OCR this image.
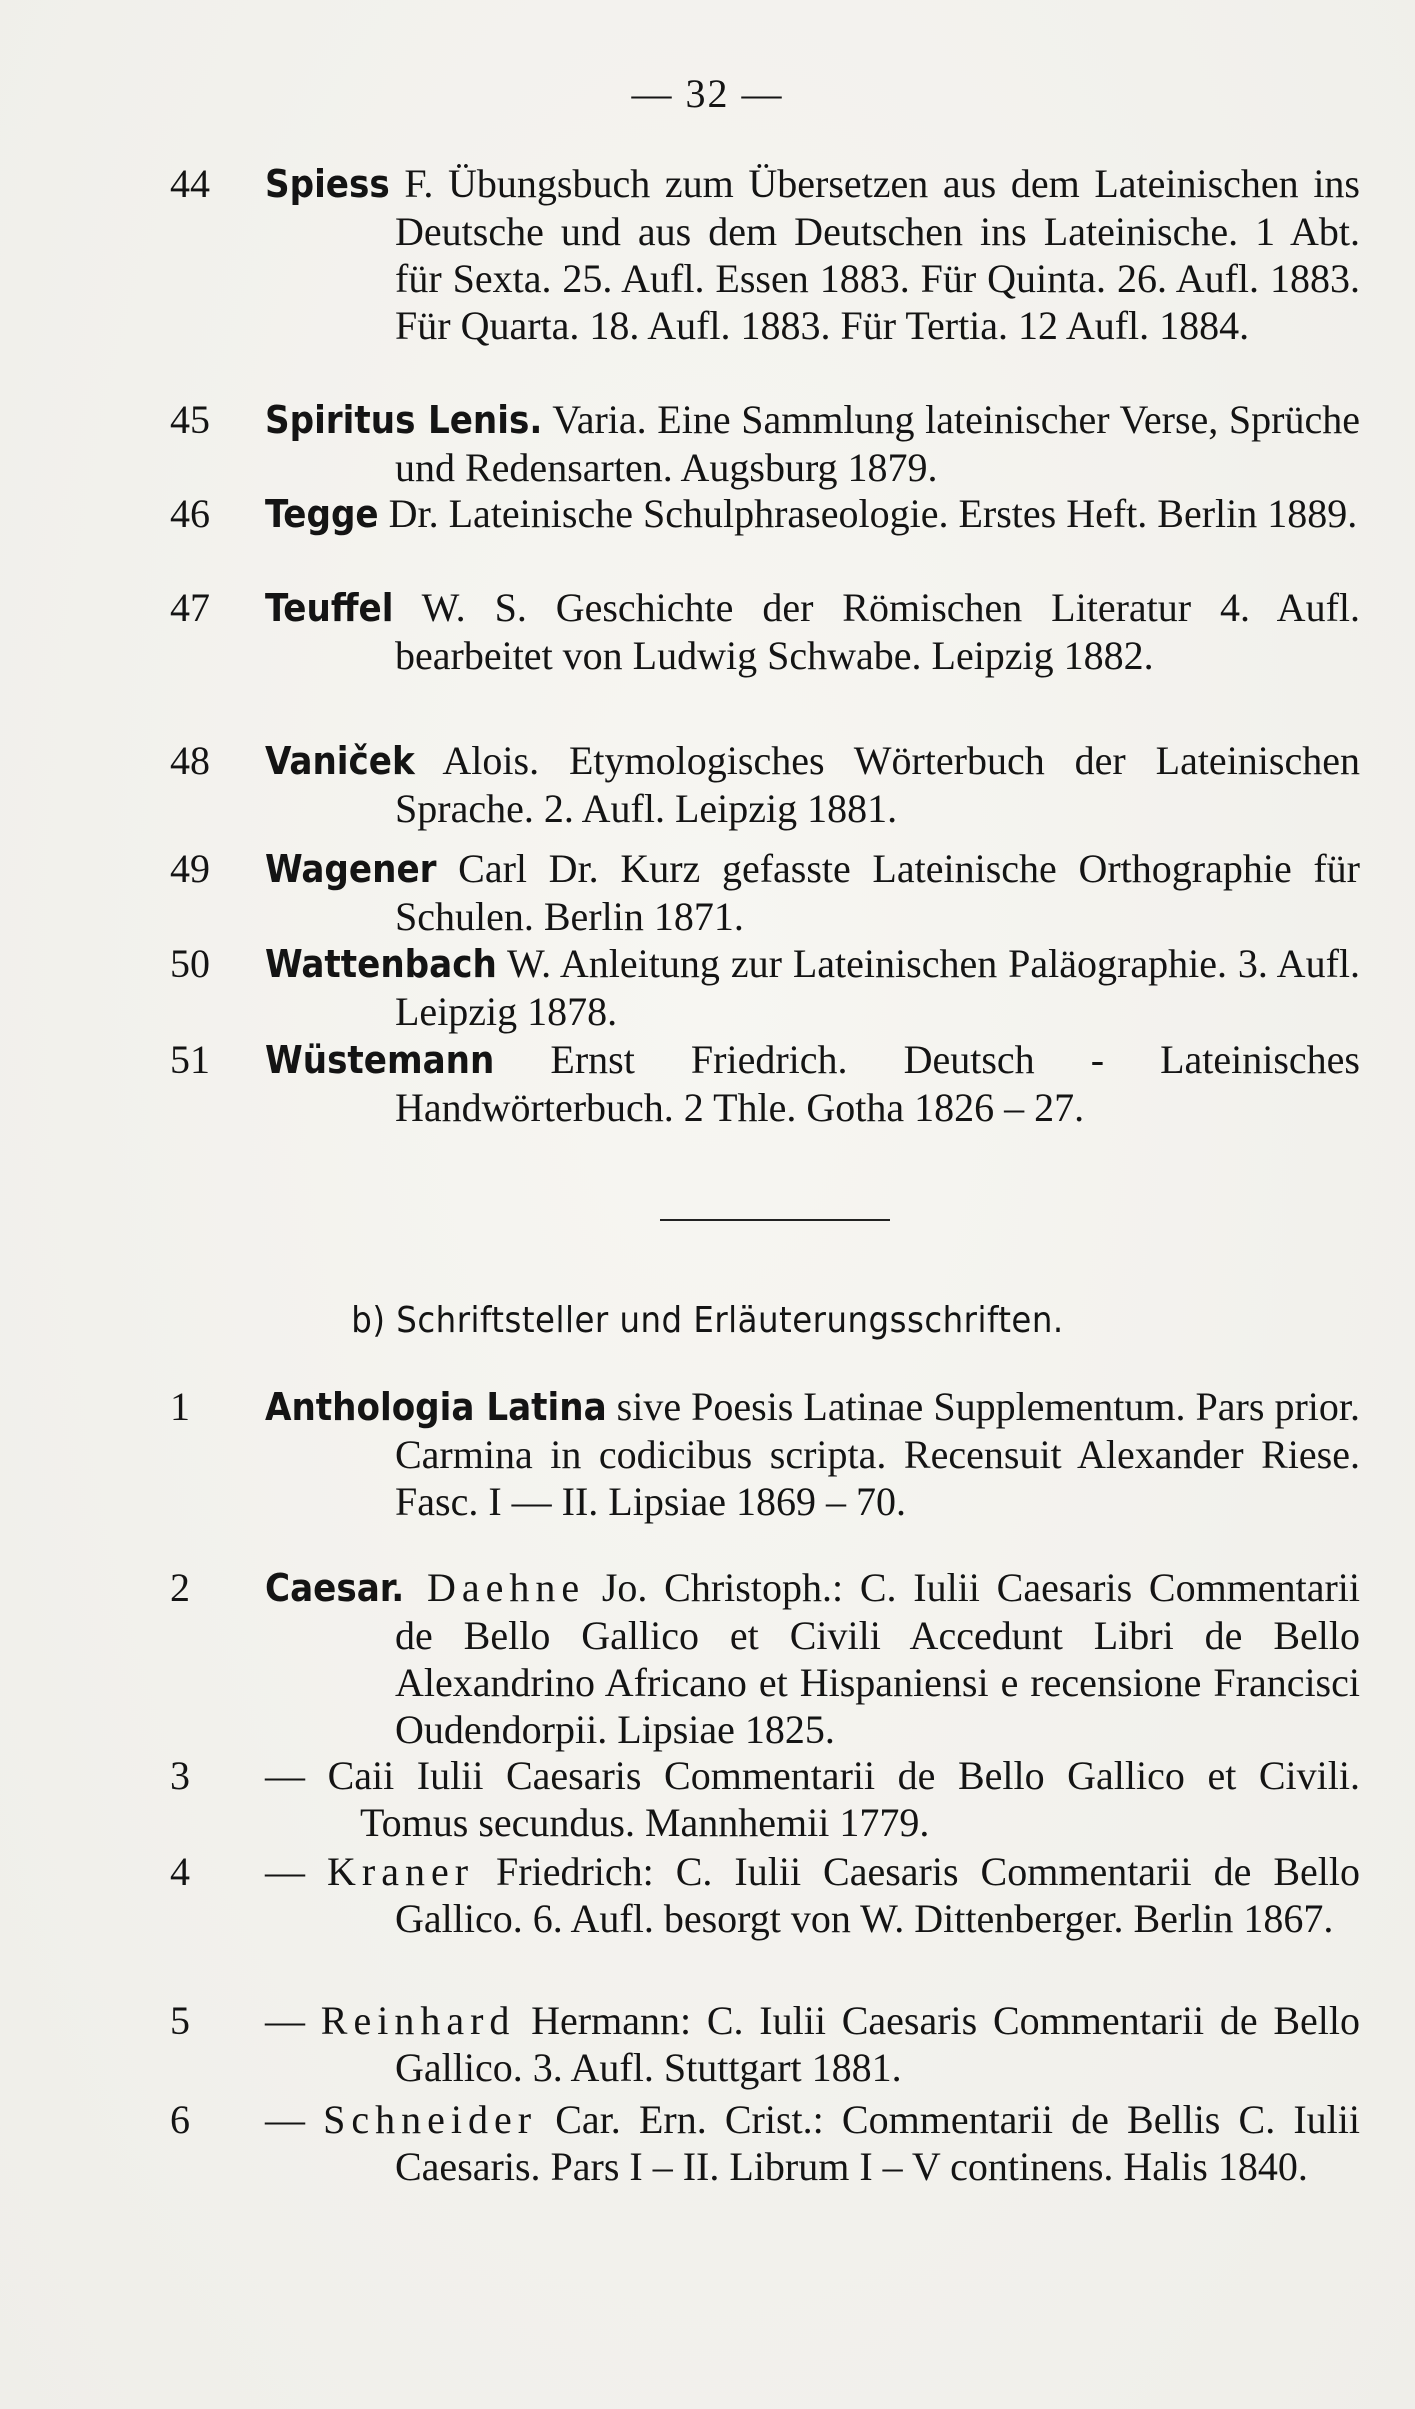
— 32 —
44	Spiess F. Übungsbuch zum Übersetzen aus dem Lateinischen ins Deutsche und aus dem Deutschen ins Lateinische. 1 Abt. für Sexta. 25. Aufl. Essen 1883. Für Quinta. 26. Aufl. 1883. Für Quarta. 18. Aufl. 1883. Für Tertia. 12 Aufl. 1884.
45	Spiritus Lenis. Varia. Eine Sammlung lateinischer Verse, Sprüche und Redensarten. Augsburg 1879.
46	Tegge Dr. Lateinische Schulphraseologie. Erstes Heft. Berlin 1889.
47	Teuffel W. S. Geschichte der Römischen Literatur 4. Aufl. bearbeitet von Ludwig Schwabe. Leipzig 1882.
48	Vaniček Alois. Etymologisches Wörterbuch der Lateinischen Sprache. 2. Aufl. Leipzig 1881.
49	Wagener Carl Dr. Kurz gefasste Lateinische Orthographie für Schulen. Berlin 1871.
50	Wattenbach W. Anleitung zur Lateinischen Paläographie. 3. Aufl. Leipzig 1878.
51	Wüstemann Ernst Friedrich. Deutsch - Lateinisches Handwörterbuch. 2 Thle. Gotha 1826 – 27.
b) Schriftsteller und Erläuterungsschriften.
1	Anthologia Latina sive Poesis Latinae Supplementum. Pars prior. Carmina in codicibus scripta. Recensuit Alexander Riese. Fasc. I — II. Lipsiae 1869 – 70.
2	Caesar. Daehne Jo. Christoph.: C. Iulii Caesaris Commentarii de Bello Gallico et Civili Accedunt Libri de Bello Alexandrino Africano et Hispaniensi e recensione Francisci Oudendorpii. Lipsiae 1825.
3	— Caii Iulii Caesaris Commentarii de Bello Gallico et Civili. Tomus secundus. Mannhemii 1779.
4	— Kraner Friedrich: C. Iulii Caesaris Commentarii de Bello Gallico. 6. Aufl. besorgt von W. Dittenberger. Berlin 1867.
5	— Reinhard Hermann: C. Iulii Caesaris Commentarii de Bello Gallico. 3. Aufl. Stuttgart 1881.
6	— Schneider Car. Ern. Crist.: Commentarii de Bellis C. Iulii Caesaris. Pars I – II. Librum I – V continens. Halis 1840.
